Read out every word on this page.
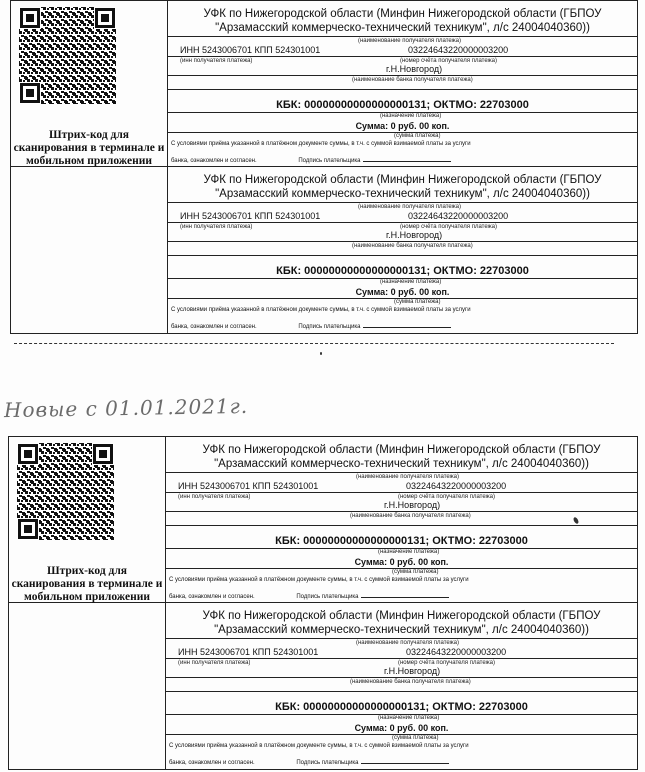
Штрих-код для сканирования в терминале и мобильном приложении
УФК по Нижегородской области (Минфин Нижегородской области (ГБПОУ
"Арзамасский коммерческо-технический техникум", л/с 24004040360))
(наименование получателя платежа)
ИНН 5243006701 КПП 524301001	03224643220000003200
(инн получателя платежа)	(номер счёта получателя платежа)
г.Н.Новгород)
(наименование банка получателя платежа)
КБК: 00000000000000000131; ОКТМО: 22703000
(назначение платежа)
Сумма: 0 руб. 00 коп.
(сумма платежа)
С условиями приёма указанной в платёжном документе суммы, в т.ч. с суммой взимаемой платы за услуги
банка, ознакомлен и согласен.	Подпись плательщика
УФК по Нижегородской области (Минфин Нижегородской области (ГБПОУ
"Арзамасский коммерческо-технический техникум", л/с 24004040360))
(наименование получателя платежа)
ИНН 5243006701 КПП 524301001	03224643220000003200
(инн получателя платежа)	(номер счёта получателя платежа)
г.Н.Новгород)
(наименование банка получателя платежа)
КБК: 00000000000000000131; ОКТМО: 22703000
(назначение платежа)
Сумма: 0 руб. 00 коп.
(сумма платежа)
С условиями приёма указанной в платёжном документе суммы, в т.ч. с суммой взимаемой платы за услуги
банка, ознакомлен и согласен.	Подпись плательщика
Новые с 01.01.2021г.
Штрих-код для сканирования в терминале и мобильном приложении
УФК по Нижегородской области (Минфин Нижегородской области (ГБПОУ
"Арзамасский коммерческо-технический техникум", л/с 24004040360))
(наименование получателя платежа)
ИНН 5243006701 КПП 524301001	03224643220000003200
(инн получателя платежа)	(номер счёта получателя платежа)
г.Н.Новгород)
(наименование банка получателя платежа)
КБК: 00000000000000000131; ОКТМО: 22703000
(назначение платежа)
Сумма: 0 руб. 00 коп.
(сумма платежа)
С условиями приёма указанной в платёжном документе суммы, в т.ч. с суммой взимаемой платы за услуги
банка, ознакомлен и согласен.	Подпись плательщика
УФК по Нижегородской области (Минфин Нижегородской области (ГБПОУ
"Арзамасский коммерческо-технический техникум", л/с 24004040360))
(наименование получателя платежа)
ИНН 5243006701 КПП 524301001	03224643220000003200
(инн получателя платежа)	(номер счёта получателя платежа)
г.Н.Новгород)
(наименование банка получателя платежа)
КБК: 00000000000000000131; ОКТМО: 22703000
(назначение платежа)
Сумма: 0 руб. 00 коп.
(сумма платежа)
С условиями приёма указанной в платёжном документе суммы, в т.ч. с суммой взимаемой платы за услуги
банка, ознакомлен и согласен.	Подпись плательщика
